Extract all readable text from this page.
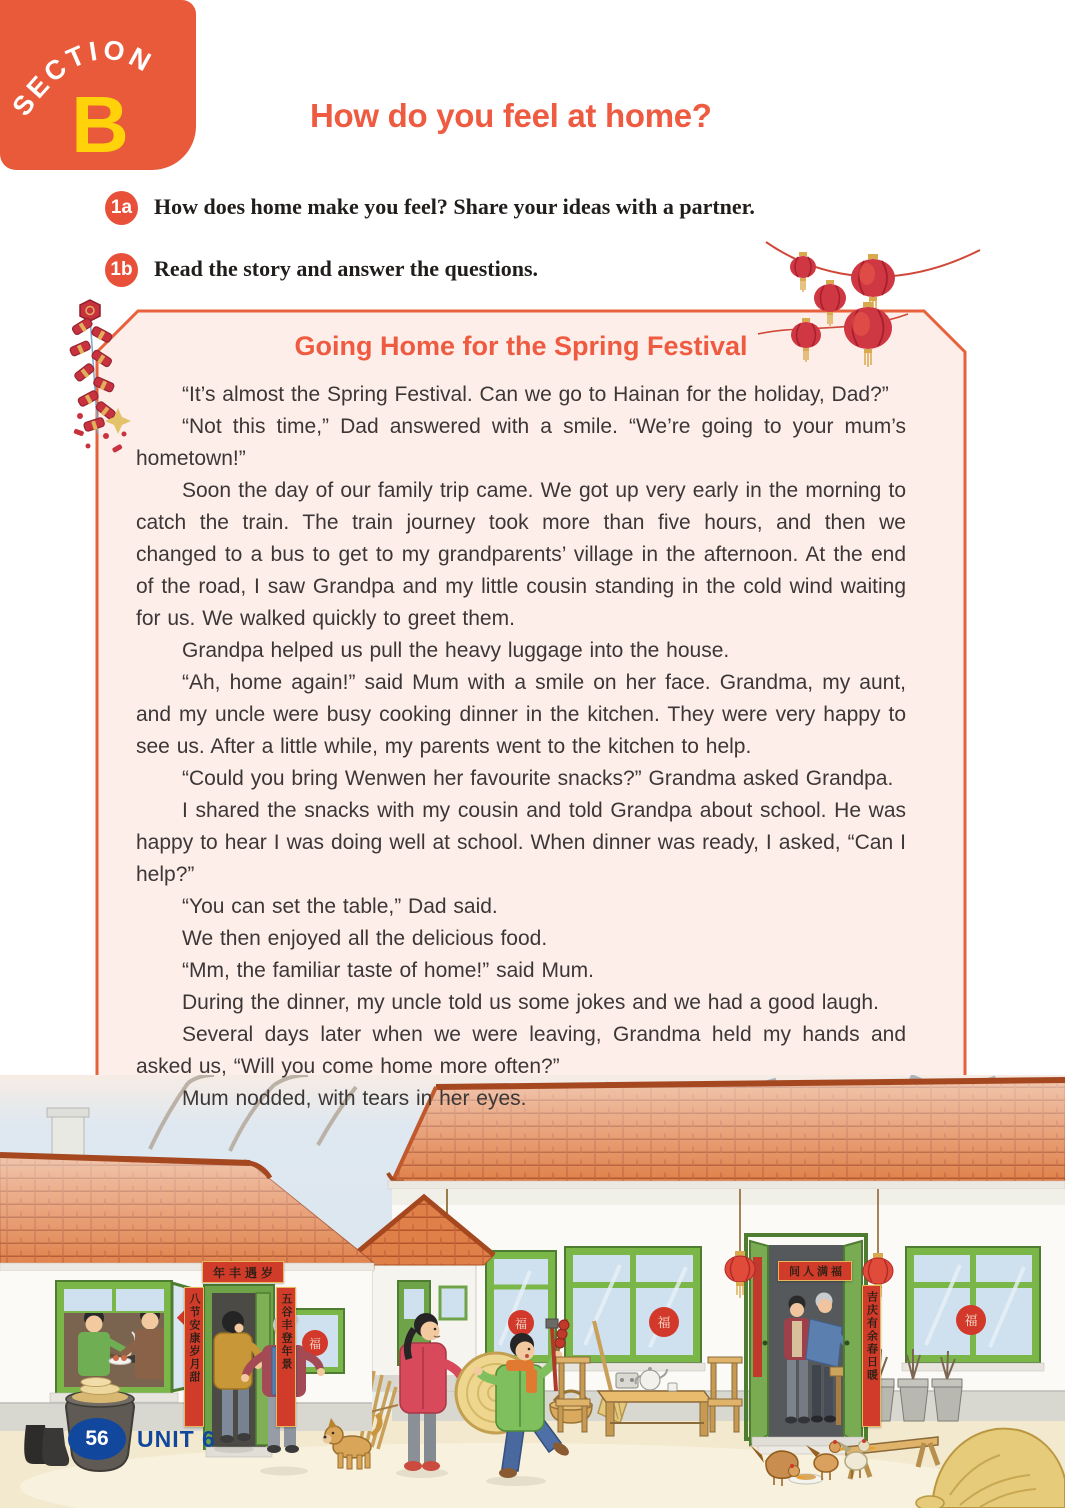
SECTION
B	How do you feel at home?
1a How does home make you feel? Share your ideas with a partner.
1b Read the story and answer the questions.
Going Home for the Spring Festival

“It’s almost the Spring Festival. Can we go to Hainan for the holiday, Dad?”

“Not this time,” Dad answered with a smile. “We’re going to your mum’s hometown!”

Soon the day of our family trip came. We got up very early in the morning to catch the train. The train journey took more than five hours, and then we changed to a bus to get to my grandparents’ village in the afternoon. At the end of the road, I saw Grandpa and my little cousin standing in the cold wind waiting for us. We walked quickly to greet them.

Grandpa helped us pull the heavy luggage into the house.

“Ah, home again!” said Mum with a smile on her face. Grandma, my aunt, and my uncle were busy cooking dinner in the kitchen. They were very happy to see us. After a little while, my parents went to the kitchen to help.

“Could you bring Wenwen her favourite snacks?” Grandma asked Grandpa.

I shared the snacks with my cousin and told Grandpa about school. He was happy to hear I was doing well at school. When dinner was ready, I asked, “Can I help?”

“You can set the table,” Dad said.

We then enjoyed all the delicious food.

“Mm, the familiar taste of home!” said Mum.

During the dinner, my uncle told us some jokes and we had a good laugh.

Several days later when we were leaving, Grandma held my hands and asked us, “Will you come home more often?”

Mum nodded, with tears in her eyes.

福	福	福
福
年丰遇岁
八节安康岁月甜	五谷丰登年景
间人满福
吉庆有余春日暖
56	UNIT 6
